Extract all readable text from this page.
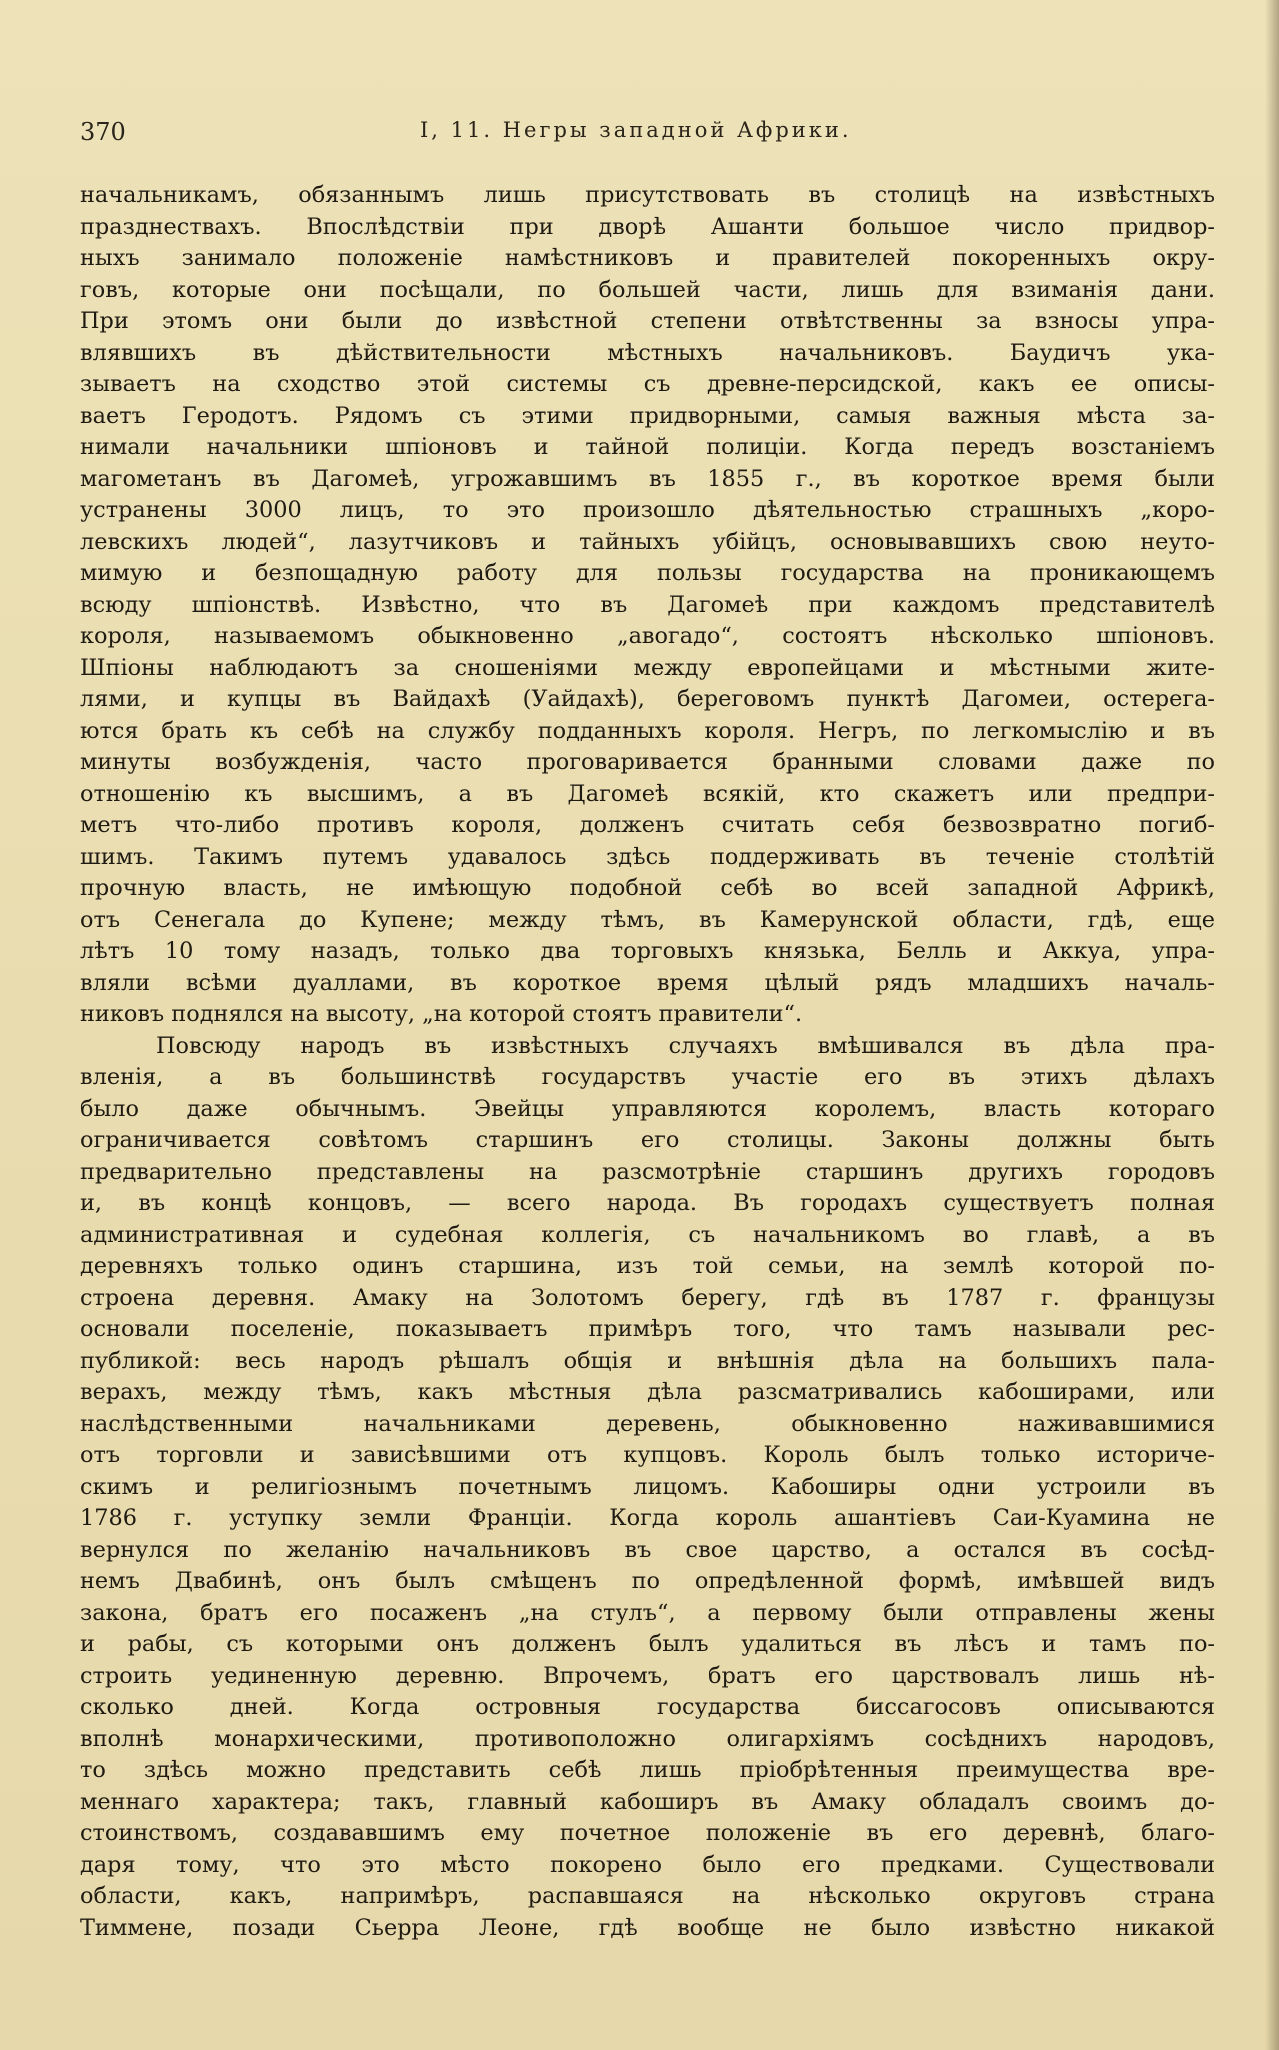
370	I, 11. Негры западной Африки.
начальникамъ, обязаннымъ лишь присутствовать въ столицѣ на извѣстныхъ
празднествахъ. Впослѣдствіи при дворѣ Ашанти большое число придвор-
ныхъ занимало положеніе намѣстниковъ и правителей покоренныхъ окру-
говъ, которые они посѣщали, по большей части, лишь для взиманія дани.
При этомъ они были до извѣстной степени отвѣтственны за взносы упра-
влявшихъ въ дѣйствительности мѣстныхъ начальниковъ. Баудичъ ука-
зываетъ на сходство этой системы съ древне-персидской, какъ ее описы-
ваетъ Геродотъ. Рядомъ съ этими придворными, самыя важныя мѣста за-
нимали начальники шпіоновъ и тайной полиціи. Когда передъ возстаніемъ
магометанъ въ Дагомеѣ, угрожавшимъ въ 1855 г., въ короткое время были
устранены 3000 лицъ, то это произошло дѣятельностью страшныхъ „коро-
левскихъ людей“, лазутчиковъ и тайныхъ убійцъ, основывавшихъ свою неуто-
мимую и безпощадную работу для пользы государства на проникающемъ
всюду шпіонствѣ. Извѣстно, что въ Дагомеѣ при каждомъ представителѣ
короля, называемомъ обыкновенно „авогадо“, состоятъ нѣсколько шпіоновъ.
Шпіоны наблюдаютъ за сношеніями между европейцами и мѣстными жите-
лями, и купцы въ Вайдахѣ (Уайдахѣ), береговомъ пунктѣ Дагомеи, остерега-
ются брать къ себѣ на службу подданныхъ короля. Негръ, по легкомыслію и въ
минуты возбужденія, часто проговаривается бранными словами даже по
отношенію къ высшимъ, а въ Дагомеѣ всякій, кто скажетъ или предпри-
метъ что-либо противъ короля, долженъ считать себя безвозвратно погиб-
шимъ. Такимъ путемъ удавалось здѣсь поддерживать въ теченіе столѣтій
прочную власть, не имѣющую подобной себѣ во всей западной Африкѣ,
отъ Сенегала до Купене; между тѣмъ, въ Камерунской области, гдѣ, еще
лѣтъ 10 тому назадъ, только два торговыхъ князька, Белль и Аккуа, упра-
вляли всѣми дуаллами, въ короткое время цѣлый рядъ младшихъ началь-
никовъ поднялся на высоту, „на которой стоятъ правители“.
Повсюду народъ въ извѣстныхъ случаяхъ вмѣшивался въ дѣла пра-
вленія, а въ большинствѣ государствъ участіе его въ этихъ дѣлахъ
было даже обычнымъ. Эвейцы управляются королемъ, власть котораго
ограничивается совѣтомъ старшинъ его столицы. Законы должны быть
предварительно представлены на разсмотрѣніе старшинъ другихъ городовъ
и, въ концѣ концовъ, — всего народа. Въ городахъ существуетъ полная
административная и судебная коллегія, съ начальникомъ во главѣ, а въ
деревняхъ только одинъ старшина, изъ той семьи, на землѣ которой по-
строена деревня. Амаку на Золотомъ берегу, гдѣ въ 1787 г. французы
основали поселеніе, показываетъ примѣръ того, что тамъ называли рес-
публикой: весь народъ рѣшалъ общія и внѣшнія дѣла на большихъ пала-
верахъ, между тѣмъ, какъ мѣстныя дѣла разсматривались кабоширами, или
наслѣдственными начальниками деревень, обыкновенно наживавшимися
отъ торговли и зависѣвшими отъ купцовъ. Король былъ только историче-
скимъ и религіознымъ почетнымъ лицомъ. Кабоширы одни устроили въ
1786 г. уступку земли Франціи. Когда король ашантіевъ Саи-Куамина не
вернулся по желанію начальниковъ въ свое царство, а остался въ сосѣд-
немъ Двабинѣ, онъ былъ смѣщенъ по опредѣленной формѣ, имѣвшей видъ
закона, братъ его посаженъ „на стулъ“, а первому были отправлены жены
и рабы, съ которыми онъ долженъ былъ удалиться въ лѣсъ и тамъ по-
строить уединенную деревню. Впрочемъ, братъ его царствовалъ лишь нѣ-
сколько дней. Когда островныя государства биссагосовъ описываются
вполнѣ монархическими, противоположно олигархіямъ сосѣднихъ народовъ,
то здѣсь можно представить себѣ лишь пріобрѣтенныя преимущества вре-
меннаго характера; такъ, главный кабоширъ въ Амаку обладалъ своимъ до-
стоинствомъ, создававшимъ ему почетное положеніе въ его деревнѣ, благо-
даря тому, что это мѣсто покорено было его предками. Существовали
области, какъ, напримѣръ, распавшаяся на нѣсколько округовъ страна
Тиммене, позади Сьерра Леоне, гдѣ вообще не было извѣстно никакой
